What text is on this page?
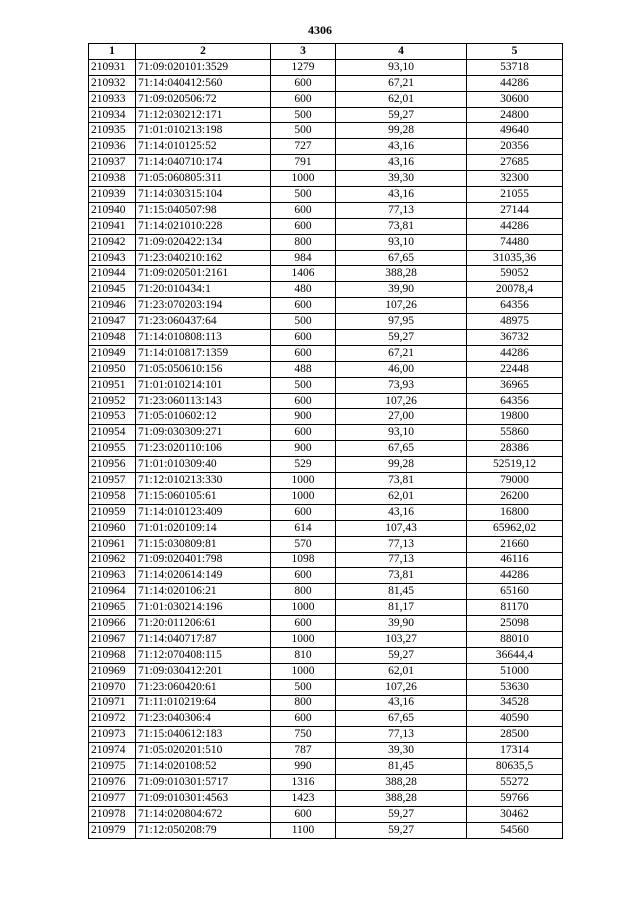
4306
1	2	3	4	5
210931	71:09:020101:3529	1279	93,10	53718
210932	71:14:040412:560	600	67,21	44286
210933	71:09:020506:72	600	62,01	30600
210934	71:12:030212:171	500	59,27	24800
210935	71:01:010213:198	500	99,28	49640
210936	71:14:010125:52	727	43,16	20356
210937	71:14:040710:174	791	43,16	27685
210938	71:05:060805:311	1000	39,30	32300
210939	71:14:030315:104	500	43,16	21055
210940	71:15:040507:98	600	77,13	27144
210941	71:14:021010:228	600	73,81	44286
210942	71:09:020422:134	800	93,10	74480
210943	71:23:040210:162	984	67,65	31035,36
210944	71:09:020501:2161	1406	388,28	59052
210945	71:20:010434:1	480	39,90	20078,4
210946	71:23:070203:194	600	107,26	64356
210947	71:23:060437:64	500	97,95	48975
210948	71:14:010808:113	600	59,27	36732
210949	71:14:010817:1359	600	67,21	44286
210950	71:05:050610:156	488	46,00	22448
210951	71:01:010214:101	500	73,93	36965
210952	71:23:060113:143	600	107,26	64356
210953	71:05:010602:12	900	27,00	19800
210954	71:09:030309:271	600	93,10	55860
210955	71:23:020110:106	900	67,65	28386
210956	71:01:010309:40	529	99,28	52519,12
210957	71:12:010213:330	1000	73,81	79000
210958	71:15:060105:61	1000	62,01	26200
210959	71:14:010123:409	600	43,16	16800
210960	71:01:020109:14	614	107,43	65962,02
210961	71:15:030809:81	570	77,13	21660
210962	71:09:020401:798	1098	77,13	46116
210963	71:14:020614:149	600	73,81	44286
210964	71:14:020106:21	800	81,45	65160
210965	71:01:030214:196	1000	81,17	81170
210966	71:20:011206:61	600	39,90	25098
210967	71:14:040717:87	1000	103,27	88010
210968	71:12:070408:115	810	59,27	36644,4
210969	71:09:030412:201	1000	62,01	51000
210970	71:23:060420:61	500	107,26	53630
210971	71:11:010219:64	800	43,16	34528
210972	71:23:040306:4	600	67,65	40590
210973	71:15:040612:183	750	77,13	28500
210974	71:05:020201:510	787	39,30	17314
210975	71:14:020108:52	990	81,45	80635,5
210976	71:09:010301:5717	1316	388,28	55272
210977	71:09:010301:4563	1423	388,28	59766
210978	71:14:020804:672	600	59,27	30462
210979	71:12:050208:79	1100	59,27	54560
